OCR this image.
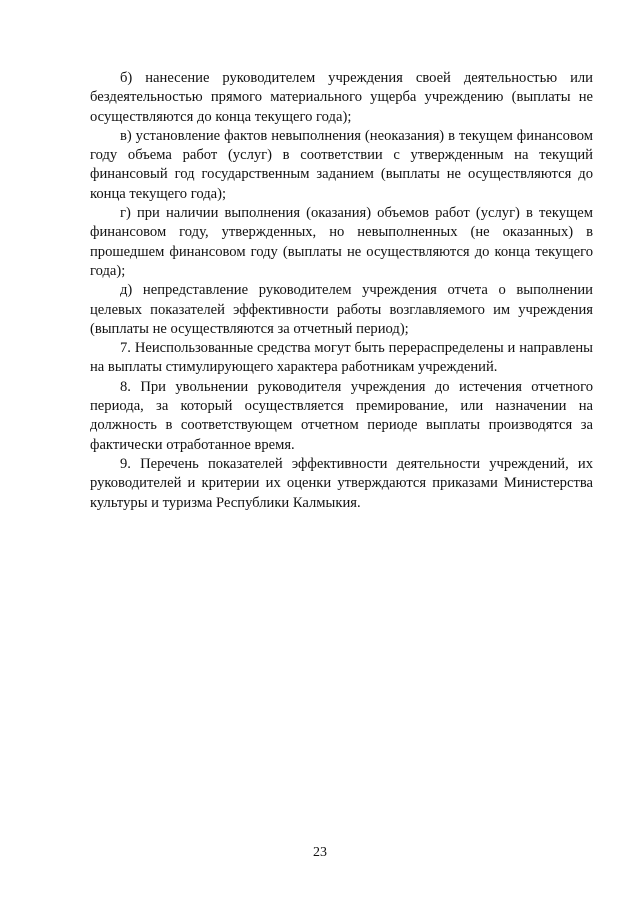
б) нанесение руководителем учреждения своей деятельностью или бездеятельностью прямого материального ущерба учреждению (выплаты не осуществляются до конца текущего года);

в) установление фактов невыполнения (неоказания) в текущем финансовом году объема работ (услуг) в соответствии с утвержденным на текущий финансовый год государственным заданием (выплаты не осуществляются до конца текущего года);

г) при наличии выполнения (оказания) объемов работ (услуг) в текущем финансовом году, утвержденных, но невыполненных (не оказанных) в прошедшем финансовом году (выплаты не осуществляются до конца текущего года);

д) непредставление руководителем учреждения отчета о выполнении целевых показателей эффективности работы возглавляемого им учреждения (выплаты не осуществляются за отчетный период);

7. Неиспользованные средства могут быть перераспределены и направлены на выплаты стимулирующего характера работникам учреждений.

8. При увольнении руководителя учреждения до истечения отчетного периода, за который осуществляется премирование, или назначении на должность в соответствующем отчетном периоде выплаты производятся за фактически отработанное время.

9. Перечень показателей эффективности деятельности учреждений, их руководителей и критерии их оценки утверждаются приказами Министерства культуры и туризма Республики Калмыкия.

23
